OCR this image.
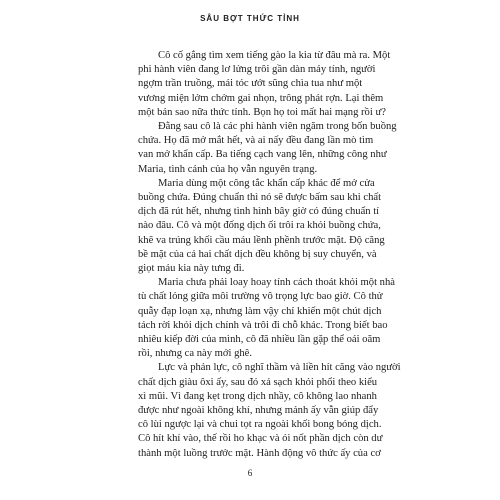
SÂU BỢT THỨC TỈNH

Cô cố gắng tìm xem tiếng gào la kia từ đâu mà ra. Một
phi hành viên đang lơ lửng trôi gần dàn máy tính, người
ngợm trần truồng, mái tóc ướt sũng chìa tua như một
vương miện lởm chởm gai nhọn, trông phát rợn. Lại thêm
một bản sao nữa thức tỉnh. Bọn họ toi mất hai mạng rồi ư?

Đằng sau cô là các phi hành viên ngăm trong bốn buồng
chứa. Họ đã mở mắt hết, và ai nấy đều đang lần mò tìm
van mở khẩn cấp. Ba tiếng cạch vang lên, những công như
Maria, tình cảnh của họ vẫn nguyên trạng.

Maria dùng một công tắc khẩn cấp khác để mở cửa
buồng chứa. Đúng chuẩn thì nó sẽ được bấm sau khi chất
dịch đã rút hết, nhưng tình hình bây giờ có đúng chuẩn tí
nào đâu. Cô và một đống dịch ối trôi ra khỏi buồng chứa,
khẽ va trúng khối cầu máu lềnh phềnh trước mặt. Độ căng
bề mặt của cả hai chất dịch đều không bị suy chuyển, và
giọt máu kia này tưng đi.

Maria chưa phải loay hoay tính cách thoát khỏi một nhà
tù chất lỏng giữa môi trường vô trọng lực bao giờ. Cô thử
quẫy đạp loạn xạ, nhưng làm vậy chỉ khiến một chút dịch
tách rời khỏi dịch chính và trôi đi chỗ khác. Trong biết bao
nhiêu kiếp đời của mình, cô đã nhiều lần gặp thể oái oăm
rồi, nhưng ca này mới ghê.

Lực và phản lực, cô nghĩ thầm và liền hít căng vào người
chất dịch giàu ôxi ấy, sau đó xả sạch khỏi phổi theo kiểu
xì mũi. Vì đang kẹt trong dịch nhầy, cô không lao nhanh
được như ngoài không khí, nhưng mảnh ấy vẫn giúp đẩy
cô lùi ngược lại và chui tọt ra ngoài khối bong bóng dịch.
Cô hít khí vào, thế rồi ho khạc và ói nốt phần dịch còn dư
thành một luồng trước mặt. Hành động vô thức ấy của cơ

6
